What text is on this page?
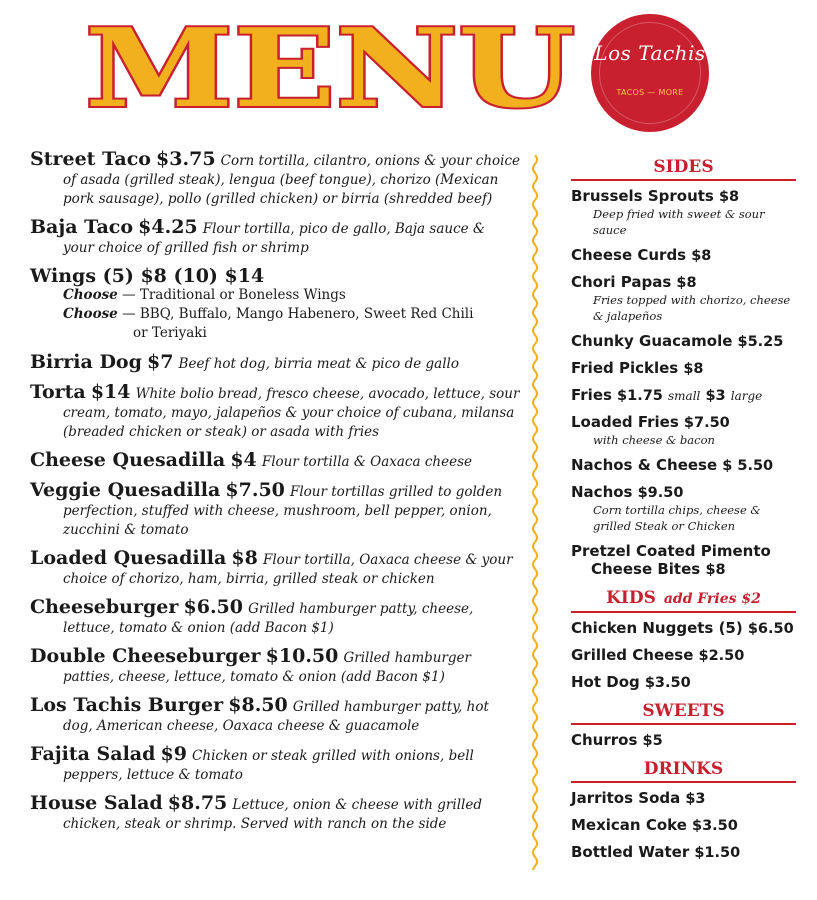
MENU Los Tachis
TACOS — MORE
Street Taco $3.75 Corn tortilla, cilantro, onions & your choice of asada (grilled steak), lengua (beef tongue), chorizo (Mexican pork sausage), pollo (grilled chicken) or birria (shredded beef)
Baja Taco $4.25 Flour tortilla, pico de gallo, Baja sauce & your choice of grilled fish or shrimp
Wings (5) $8 (10) $14
Choose — Traditional or Boneless Wings
Choose — BBQ, Buffalo, Mango Habenero, Sweet Red Chili
or Teriyaki
Birria Dog $7 Beef hot dog, birria meat & pico de gallo
Torta $14 White bolio bread, fresco cheese, avocado, lettuce, sour cream, tomato, mayo, jalapeños & your choice of cubana, milansa (breaded chicken or steak) or asada with fries
Cheese Quesadilla $4 Flour tortilla & Oaxaca cheese
Veggie Quesadilla $7.50 Flour tortillas grilled to golden perfection, stuffed with cheese, mushroom, bell pepper, onion, zucchini & tomato
Loaded Quesadilla $8 Flour tortilla, Oaxaca cheese & your choice of chorizo, ham, birria, grilled steak or chicken
Cheeseburger $6.50 Grilled hamburger patty, cheese, lettuce, tomato & onion (add Bacon $1)
Double Cheeseburger $10.50 Grilled hamburger patties, cheese, lettuce, tomato & onion (add Bacon $1)
Los Tachis Burger $8.50 Grilled hamburger patty, hot dog, American cheese, Oaxaca cheese & guacamole
Fajita Salad $9 Chicken or steak grilled with onions, bell peppers, lettuce & tomato
House Salad $8.75 Lettuce, onion & cheese with grilled chicken, steak or shrimp. Served with ranch on the side
SIDES
Brussels Sprouts $8
Deep fried with sweet & sour sauce
Cheese Curds $8
Chori Papas $8
Fries topped with chorizo, cheese & jalapeños
Chunky Guacamole $5.25
Fried Pickles $8
Fries $1.75 small $3 large
Loaded Fries $7.50
with cheese & bacon
Nachos & Cheese $ 5.50
Nachos $9.50
Corn tortilla chips, cheese & grilled Steak or Chicken
Pretzel Coated Pimento
Cheese Bites $8
KIDS add Fries $2
Chicken Nuggets (5) $6.50
Grilled Cheese $2.50
Hot Dog $3.50
SWEETS
Churros $5
DRINKS
Jarritos Soda $3
Mexican Coke $3.50
Bottled Water $1.50
